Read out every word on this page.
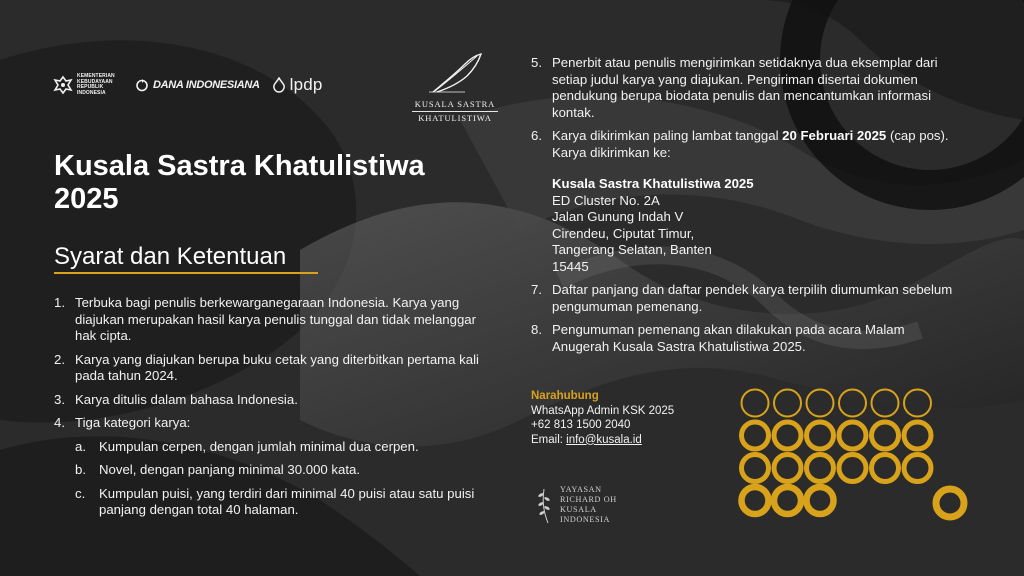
KEMENTERIAN KEBUDAYAAN REPUBLIK INDONESIA
DANA INDONESIANA lpdp
KUSALA SASTRA
KHATULISTIWA
Kusala Sastra Khatulistiwa 2025
Syarat dan Ketentuan
1. Terbuka bagi penulis berkewarganegaraan Indonesia. Karya yang diajukan merupakan hasil karya penulis tunggal dan tidak melanggar hak cipta.
2. Karya yang diajukan berupa buku cetak yang diterbitkan pertama kali pada tahun 2024.
3. Karya ditulis dalam bahasa Indonesia.
4. Tiga kategori karya:
a. Kumpulan cerpen, dengan jumlah minimal dua cerpen.
b. Novel, dengan panjang minimal 30.000 kata.
c.	Kumpulan puisi, yang terdiri dari minimal 40 puisi atau satu puisi panjang dengan total 40 halaman.
5. Penerbit atau penulis mengirimkan setidaknya dua eksemplar dari setiap judul karya yang diajukan. Pengiriman disertai dokumen pendukung berupa biodata penulis dan mencantumkan informasi kontak.
6. Karya dikirimkan paling lambat tanggal 20 Februari 2025 (cap pos). Karya dikirimkan ke:
Kusala Sastra Khatulistiwa 2025
ED Cluster No. 2A
Jalan Gunung Indah V
Cirendeu, Ciputat Timur,
Tangerang Selatan, Banten
15445
7. Daftar panjang dan daftar pendek karya terpilih diumumkan sebelum pengumuman pemenang.
8. Pengumuman pemenang akan dilakukan pada acara Malam Anugerah Kusala Sastra Khatulistiwa 2025.
Narahubung
WhatsApp Admin KSK 2025
+62 813 1500 2040
Email: info@kusala.id
YAYASAN
RICHARD OH
KUSALA
INDONESIA
